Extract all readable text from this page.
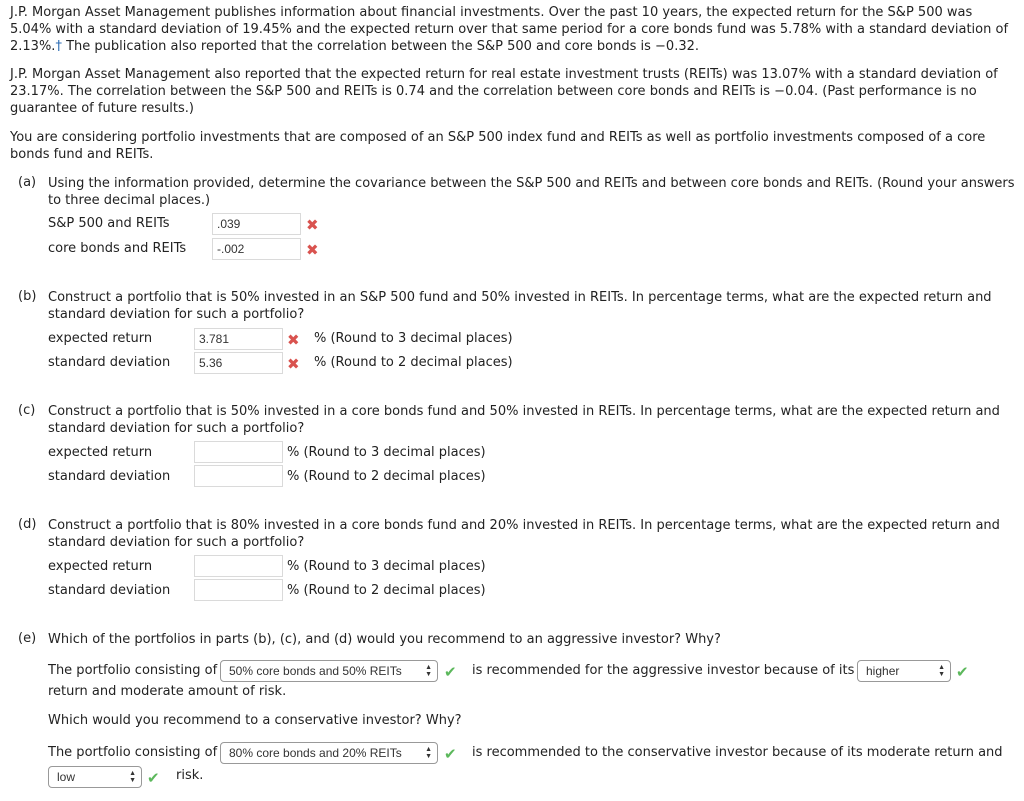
J.P. Morgan Asset Management publishes information about financial investments. Over the past 10 years, the expected return for the S&P 500 was 5.04% with a standard deviation of 19.45% and the expected return over that same period for a core bonds fund was 5.78% with a standard deviation of 2.13%.† The publication also reported that the correlation between the S&P 500 and core bonds is −0.32.

J.P. Morgan Asset Management also reported that the expected return for real estate investment trusts (REITs) was 13.07% with a standard deviation of 23.17%. The correlation between the S&P 500 and REITs is 0.74 and the correlation between core bonds and REITs is −0.04. (Past performance is no guarantee of future results.)

You are considering portfolio investments that are composed of an S&P 500 index fund and REITs as well as portfolio investments composed of a core bonds fund and REITs.

(a) Using the information provided, determine the covariance between the S&P 500 and REITs and between core bonds and REITs. (Round your answers to three decimal places.)
S&P 500 and REITs	.039	✖
core bonds and REITs	-.002	✖
(b) Construct a portfolio that is 50% invested in an S&P 500 fund and 50% invested in REITs. In percentage terms, what are the expected return and standard deviation for such a portfolio?
expected return	3.781	✖ % (Round to 3 decimal places)
standard deviation	5.36	✖ % (Round to 2 decimal places)
(c) Construct a portfolio that is 50% invested in a core bonds fund and 50% invested in REITs. In percentage terms, what are the expected return and standard deviation for such a portfolio?
expected return	% (Round to 3 decimal places)
standard deviation	% (Round to 2 decimal places)
(d) Construct a portfolio that is 80% invested in a core bonds fund and 20% invested in REITs. In percentage terms, what are the expected return and standard deviation for such a portfolio?
expected return	% (Round to 3 decimal places)
standard deviation	% (Round to 2 decimal places)
(e) Which of the portfolios in parts (b), (c), and (d) would you recommend to an aggressive investor? Why?
The portfolio consisting of 50% core bonds and 50% REITs	▲
▼ ✔ is recommended for the aggressive investor because of its higher	▲
▼ ✔
return and moderate amount of risk.
Which would you recommend to a conservative investor? Why?
The portfolio consisting of 80% core bonds and 20% REITs	▲
▼ ✔ is recommended to the conservative investor because of its moderate return and
low	▲
▼ ✔ risk.
